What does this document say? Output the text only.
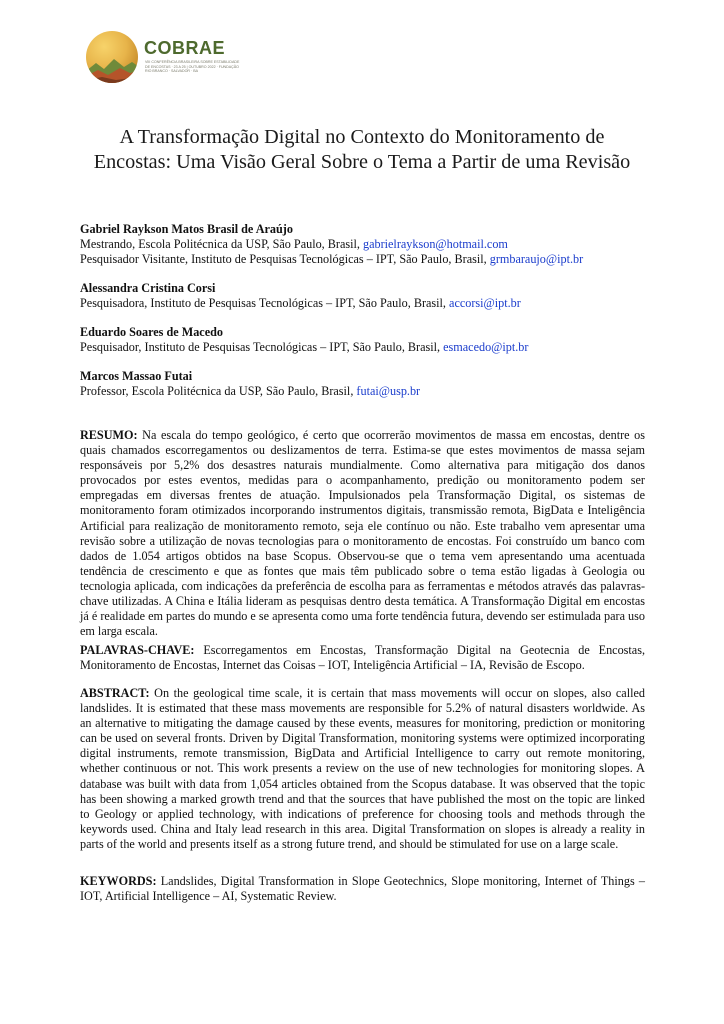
COBRAE
VIII CONFERÊNCIA BRASILEIRA SOBRE ESTABILIDADE DE ENCOSTAS · 23 A 25 | OUTUBRO 2022 · FUNDAÇÃO RIO BRANCO · SALVADOR · BA
A Transformação Digital no Contexto do Monitoramento de Encostas: Uma Visão Geral Sobre o Tema a Partir de uma Revisão
Gabriel Raykson Matos Brasil de Araújo
Mestrando, Escola Politécnica da USP, São Paulo, Brasil, gabrielraykson@hotmail.com
Pesquisador Visitante, Instituto de Pesquisas Tecnológicas – IPT, São Paulo, Brasil, grmbaraujo@ipt.br
Alessandra Cristina Corsi
Pesquisadora, Instituto de Pesquisas Tecnológicas – IPT, São Paulo, Brasil, accorsi@ipt.br
Eduardo Soares de Macedo
Pesquisador, Instituto de Pesquisas Tecnológicas – IPT, São Paulo, Brasil, esmacedo@ipt.br
Marcos Massao Futai
Professor, Escola Politécnica da USP, São Paulo, Brasil, futai@usp.br
RESUMO: Na escala do tempo geológico, é certo que ocorrerão movimentos de massa em encostas, dentre os quais chamados escorregamentos ou deslizamentos de terra. Estima-se que estes movimentos de massa sejam responsáveis por 5,2% dos desastres naturais mundialmente. Como alternativa para mitigação dos danos provocados por estes eventos, medidas para o acompanhamento, predição ou monitoramento podem ser empregadas em diversas frentes de atuação. Impulsionados pela Transformação Digital, os sistemas de monitoramento foram otimizados incorporando instrumentos digitais, transmissão remota, BigData e Inteligência Artificial para realização de monitoramento remoto, seja ele contínuo ou não. Este trabalho vem apresentar uma revisão sobre a utilização de novas tecnologias para o monitoramento de encostas. Foi construído um banco com dados de 1.054 artigos obtidos na base Scopus. Observou-se que o tema vem apresentando uma acentuada tendência de crescimento e que as fontes que mais têm publicado sobre o tema estão ligadas à Geologia ou tecnologia aplicada, com indicações da preferência de escolha para as ferramentas e métodos através das palavras-chave utilizadas. A China e Itália lideram as pesquisas dentro desta temática. A Transformação Digital em encostas já é realidade em partes do mundo e se apresenta como uma forte tendência futura, devendo ser estimulada para uso em larga escala.
PALAVRAS-CHAVE: Escorregamentos em Encostas, Transformação Digital na Geotecnia de Encostas, Monitoramento de Encostas, Internet das Coisas – IOT, Inteligência Artificial – IA, Revisão de Escopo.
ABSTRACT: On the geological time scale, it is certain that mass movements will occur on slopes, also called landslides. It is estimated that these mass movements are responsible for 5.2% of natural disasters worldwide. As an alternative to mitigating the damage caused by these events, measures for monitoring, prediction or monitoring can be used on several fronts. Driven by Digital Transformation, monitoring systems were optimized incorporating digital instruments, remote transmission, BigData and Artificial Intelligence to carry out remote monitoring, whether continuous or not. This work presents a review on the use of new technologies for monitoring slopes. A database was built with data from 1,054 articles obtained from the Scopus database. It was observed that the topic has been showing a marked growth trend and that the sources that have published the most on the topic are linked to Geology or applied technology, with indications of preference for choosing tools and methods through the keywords used. China and Italy lead research in this area. Digital Transformation on slopes is already a reality in parts of the world and presents itself as a strong future trend, and should be stimulated for use on a large scale.
KEYWORDS: Landslides, Digital Transformation in Slope Geotechnics, Slope monitoring, Internet of Things – IOT, Artificial Intelligence – AI, Systematic Review.
